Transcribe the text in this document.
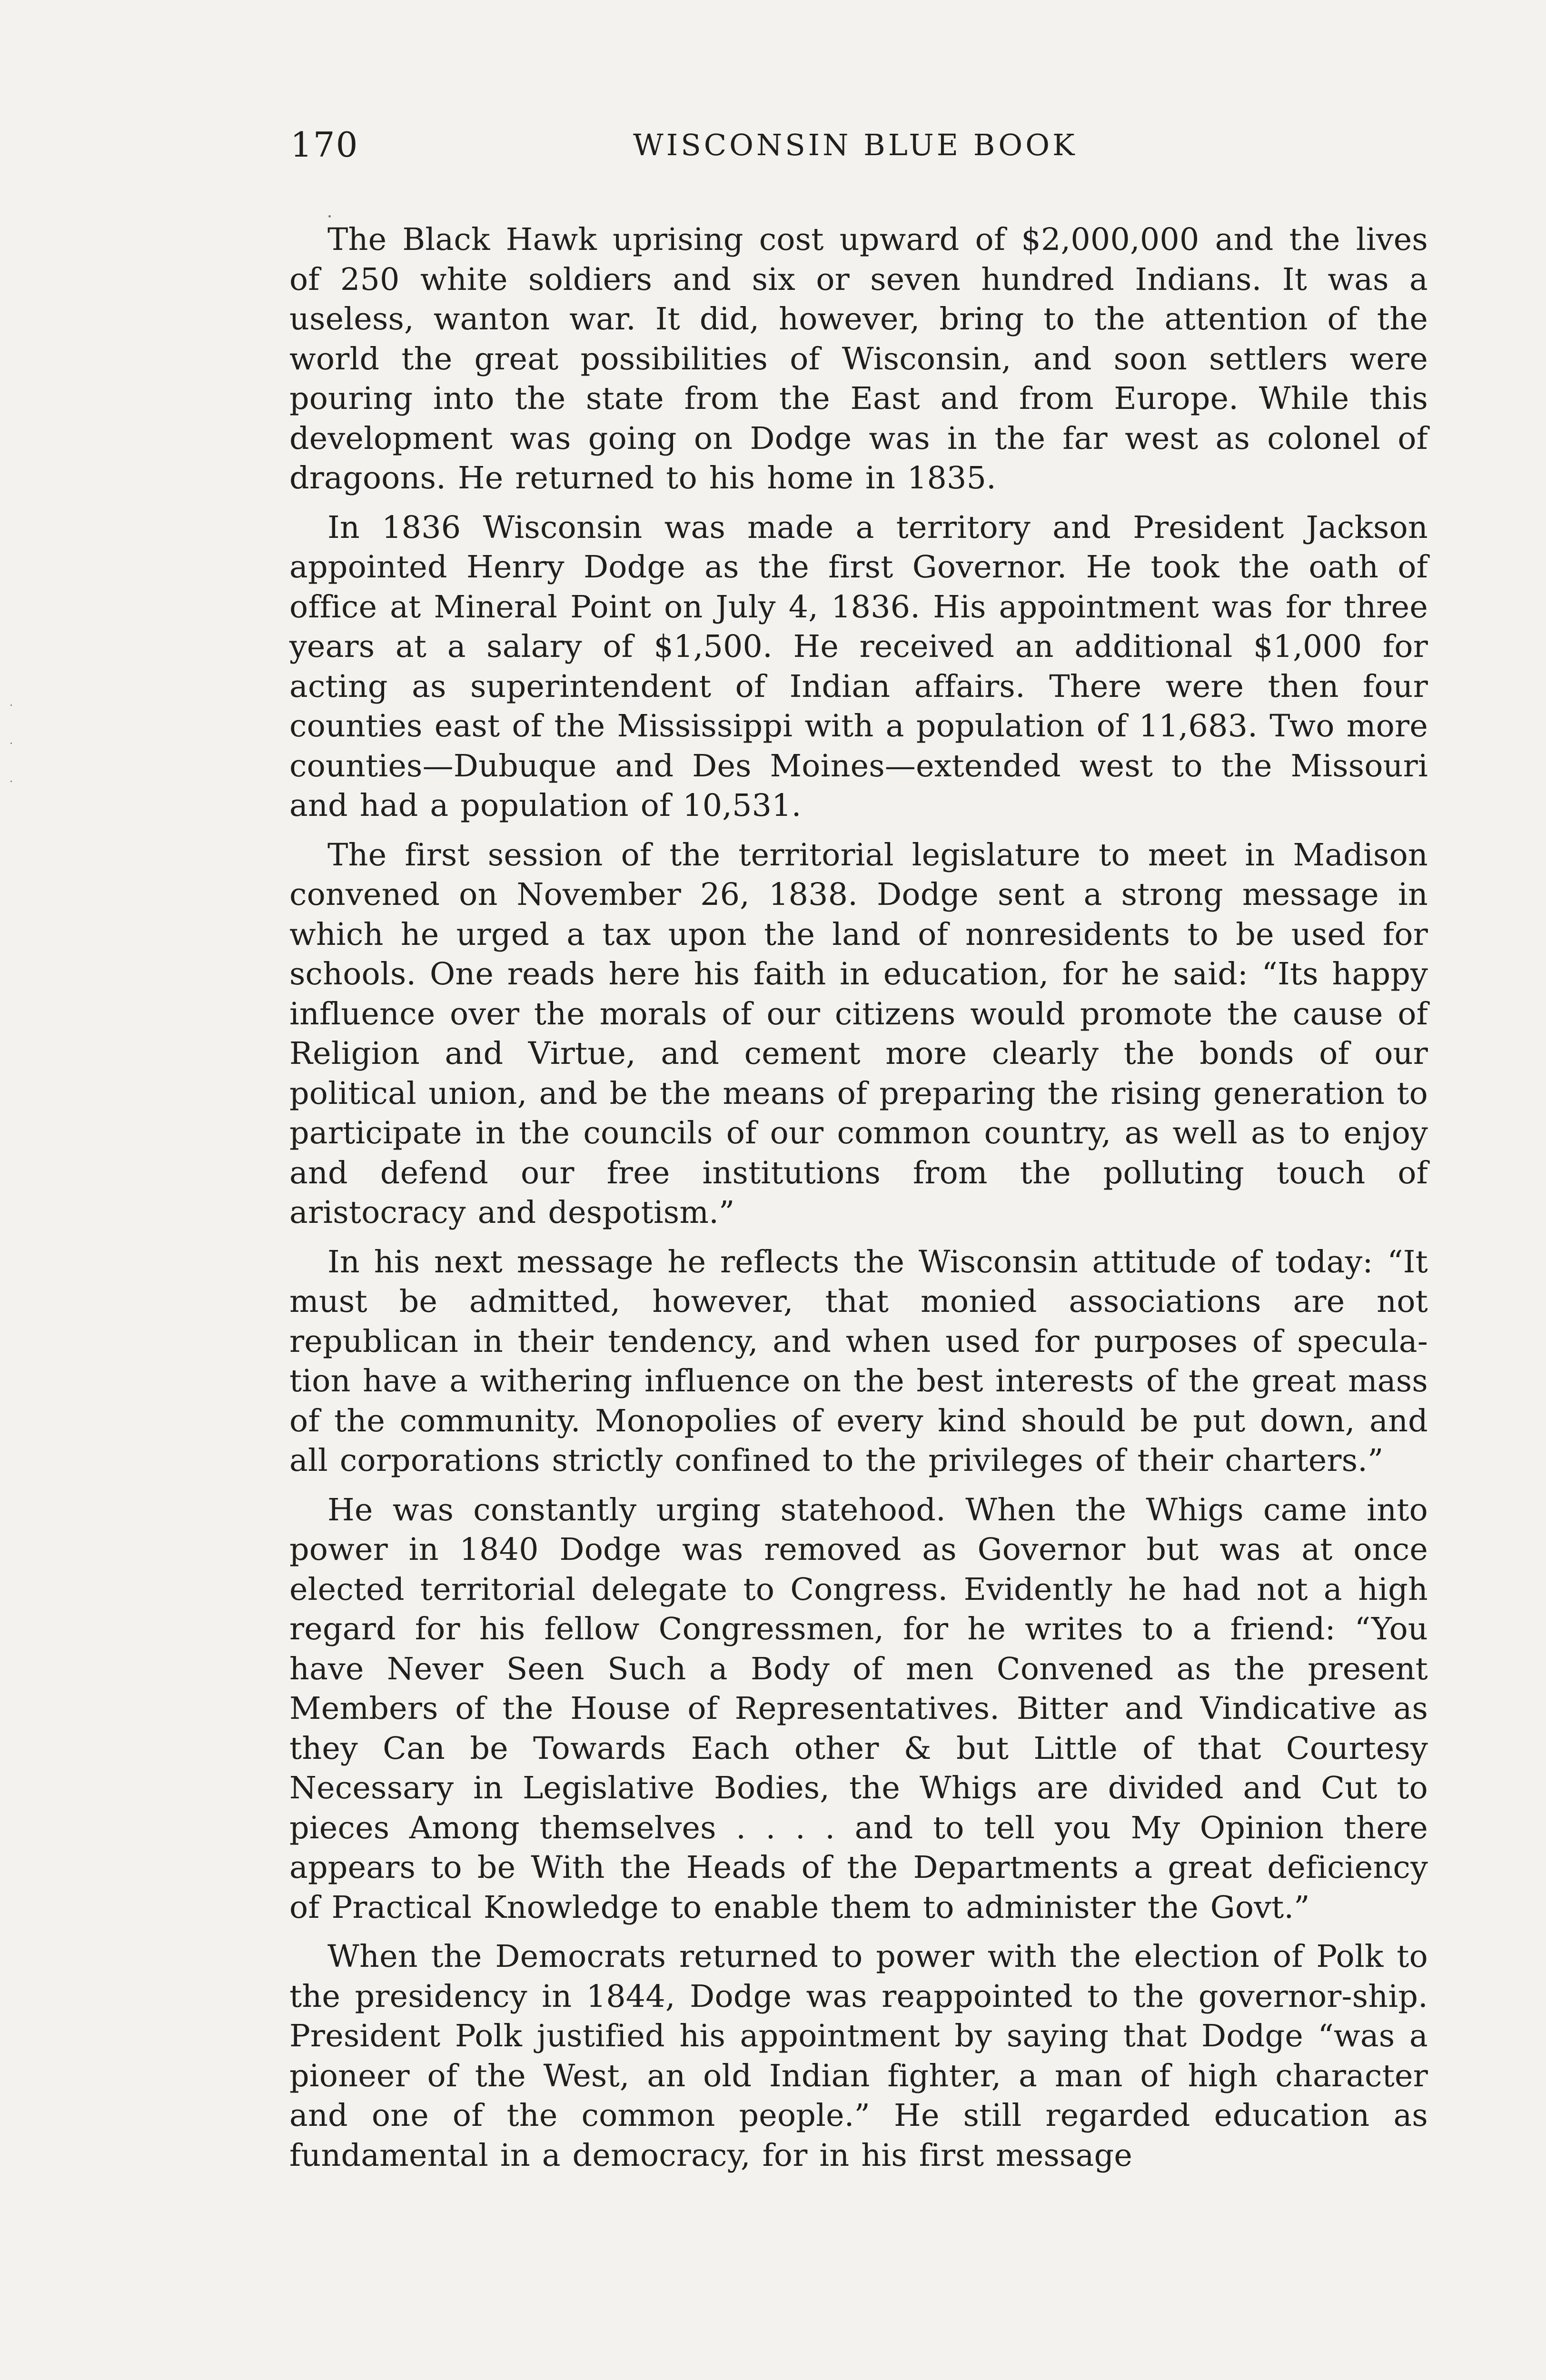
170	WISCONSIN BLUE BOOK

The Black Hawk uprising cost upward of $2,000,000 and the lives of 250 white soldiers and six or seven hundred Indians. It was a useless, wanton war. It did, however, bring to the attention of the world the great possibilities of Wisconsin, and soon settlers were pouring into the state from the East and from Europe. While this development was going on Dodge was in the far west as colonel of dragoons. He returned to his home in 1835.

In 1836 Wisconsin was made a territory and President Jackson appointed Henry Dodge as the first Governor. He took the oath of office at Mineral Point on July 4, 1836. His appointment was for three years at a salary of $1,500. He received an additional $1,000 for acting as superintendent of Indian affairs. There were then four counties east of the Mississippi with a population of 11,683. Two more counties—Dubuque and Des Moines—extended west to the Missouri and had a population of 10,531.

The first session of the territorial legislature to meet in Madison convened on November 26, 1838. Dodge sent a strong message in which he urged a tax upon the land of nonresidents to be used for schools. One reads here his faith in education, for he said: “Its happy influence over the morals of our citizens would promote the cause of Religion and Virtue, and cement more clearly the bonds of our political union, and be the means of preparing the rising generation to participate in the councils of our common country, as well as to enjoy and defend our free institutions from the polluting touch of aristocracy and despotism.”

In his next message he reflects the Wisconsin attitude of today: “It must be admitted, however, that monied associations are not republican in their tendency, and when used for purposes of specula-tion have a withering influence on the best interests of the great mass of the community. Monopolies of every kind should be put down, and all corporations strictly confined to the privileges of their charters.”

He was constantly urging statehood. When the Whigs came into power in 1840 Dodge was removed as Governor but was at once elected territorial delegate to Congress. Evidently he had not a high regard for his fellow Congressmen, for he writes to a friend: “You have Never Seen Such a Body of men Convened as the present Members of the House of Representatives. Bitter and Vindicative as they Can be Towards Each other & but Little of that Courtesy Necessary in Legislative Bodies, the Whigs are divided and Cut to pieces Among themselves . . . . and to tell you My Opinion there appears to be With the Heads of the Departments a great deficiency of Practical Knowledge to enable them to administer the Govt.”

When the Democrats returned to power with the election of Polk to the presidency in 1844, Dodge was reappointed to the governor-ship. President Polk justified his appointment by saying that Dodge “was a pioneer of the West, an old Indian fighter, a man of high character and one of the common people.” He still regarded education as fundamental in a democracy, for in his first message
